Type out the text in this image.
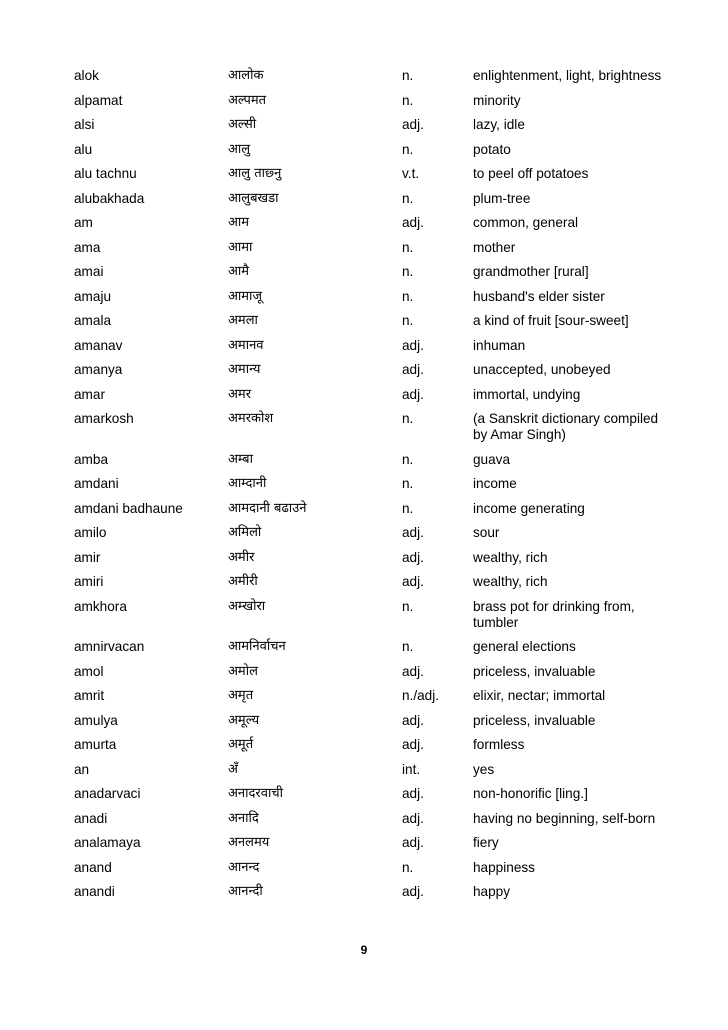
alok	आलोक	n.	enlightenment, light, brightness
alpamat	अल्पमत	n.	minority
alsi	अल्सी	adj.	lazy, idle
alu	आलु	n.	potato
alu tachnu	आलु ताछ्नु	v.t.	to peel off potatoes
alubakhada	आलुबखडा	n.	plum-tree
am	आम	adj.	common, general
ama	आमा	n.	mother
amai	आमै	n.	grandmother [rural]
amaju	आमाजू	n.	husband's elder sister
amala	अमला	n.	a kind of fruit [sour-sweet]
amanav	अमानव	adj.	inhuman
amanya	अमान्य	adj.	unaccepted, unobeyed
amar	अमर	adj.	immortal, undying
amarkosh	अमरकोश	n.	(a Sanskrit dictionary compiled by Amar Singh)
amba	अम्बा	n.	guava
amdani	आम्दानी	n.	income
amdani badhaune	आमदानी बढाउने	n.	income generating
amilo	अमिलो	adj.	sour
amir	अमीर	adj.	wealthy, rich
amiri	अमीरी	adj.	wealthy, rich
amkhora	अम्खोरा	n.	brass pot for drinking from, tumbler
amnirvacan	आमनिर्वाचन	n.	general elections
amol	अमोल	adj.	priceless, invaluable
amrit	अमृत	n./adj.	elixir, nectar; immortal
amulya	अमूल्य	adj.	priceless, invaluable
amurta	अमूर्त	adj.	formless
an	अँ	int.	yes
anadarvaci	अनादरवाची	adj.	non-honorific [ling.]
anadi	अनादि	adj.	having no beginning, self-born
analamaya	अनलमय	adj.	fiery
anand	आनन्द	n.	happiness
anandi	आनन्दी	adj.	happy
9
